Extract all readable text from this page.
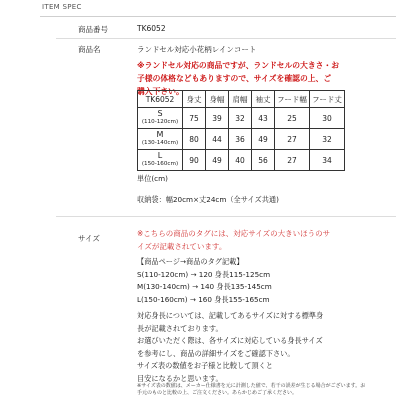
ITEM SPEC
商品番号	TK6052
商品名	ランドセル対応小花柄レインコート
※ランドセル対応の商品ですが、ランドセルの大きさ・お
子様の体格などもありますので、サイズを確認の上、ご
購入下さい。
TK6052	身丈	身幅	肩幅	袖丈	フード幅	フード丈

S
(110-120cm)	75	39	32	43	25	30

M
(130-140cm)	80	44	36	49	27	32

L
(150-160cm)	90	49	40	56	27	34
単位(cm)
収納袋：幅20cm×丈24cm（全サイズ共通)
サイズ
※こちらの商品のタグには、対応サイズの大きいほうのサ
イズが記載されています。
【商品ページ→商品のタグ記載】
S(110-120cm) → 120 身長115-125cm
M(130-140cm) → 140 身長135-145cm
L(150-160cm) → 160 身長155-165cm
対応身長については、記載してあるサイズに対する標準身
長が記載されております。
お選びいただく際は、各サイズに対応している身長サイズ
を参考にし、商品の詳細サイズをご確認下さい。
サイズ表の数値をお子様と比較して頂くと
目安になるかと思います。
※サイズ表の数値は、メーカー仕様書を元に計測した値で、若干の誤差が生じる場合がございます。お
手元のものと比較の上、ご注文ください。あらかじめご了承ください。
